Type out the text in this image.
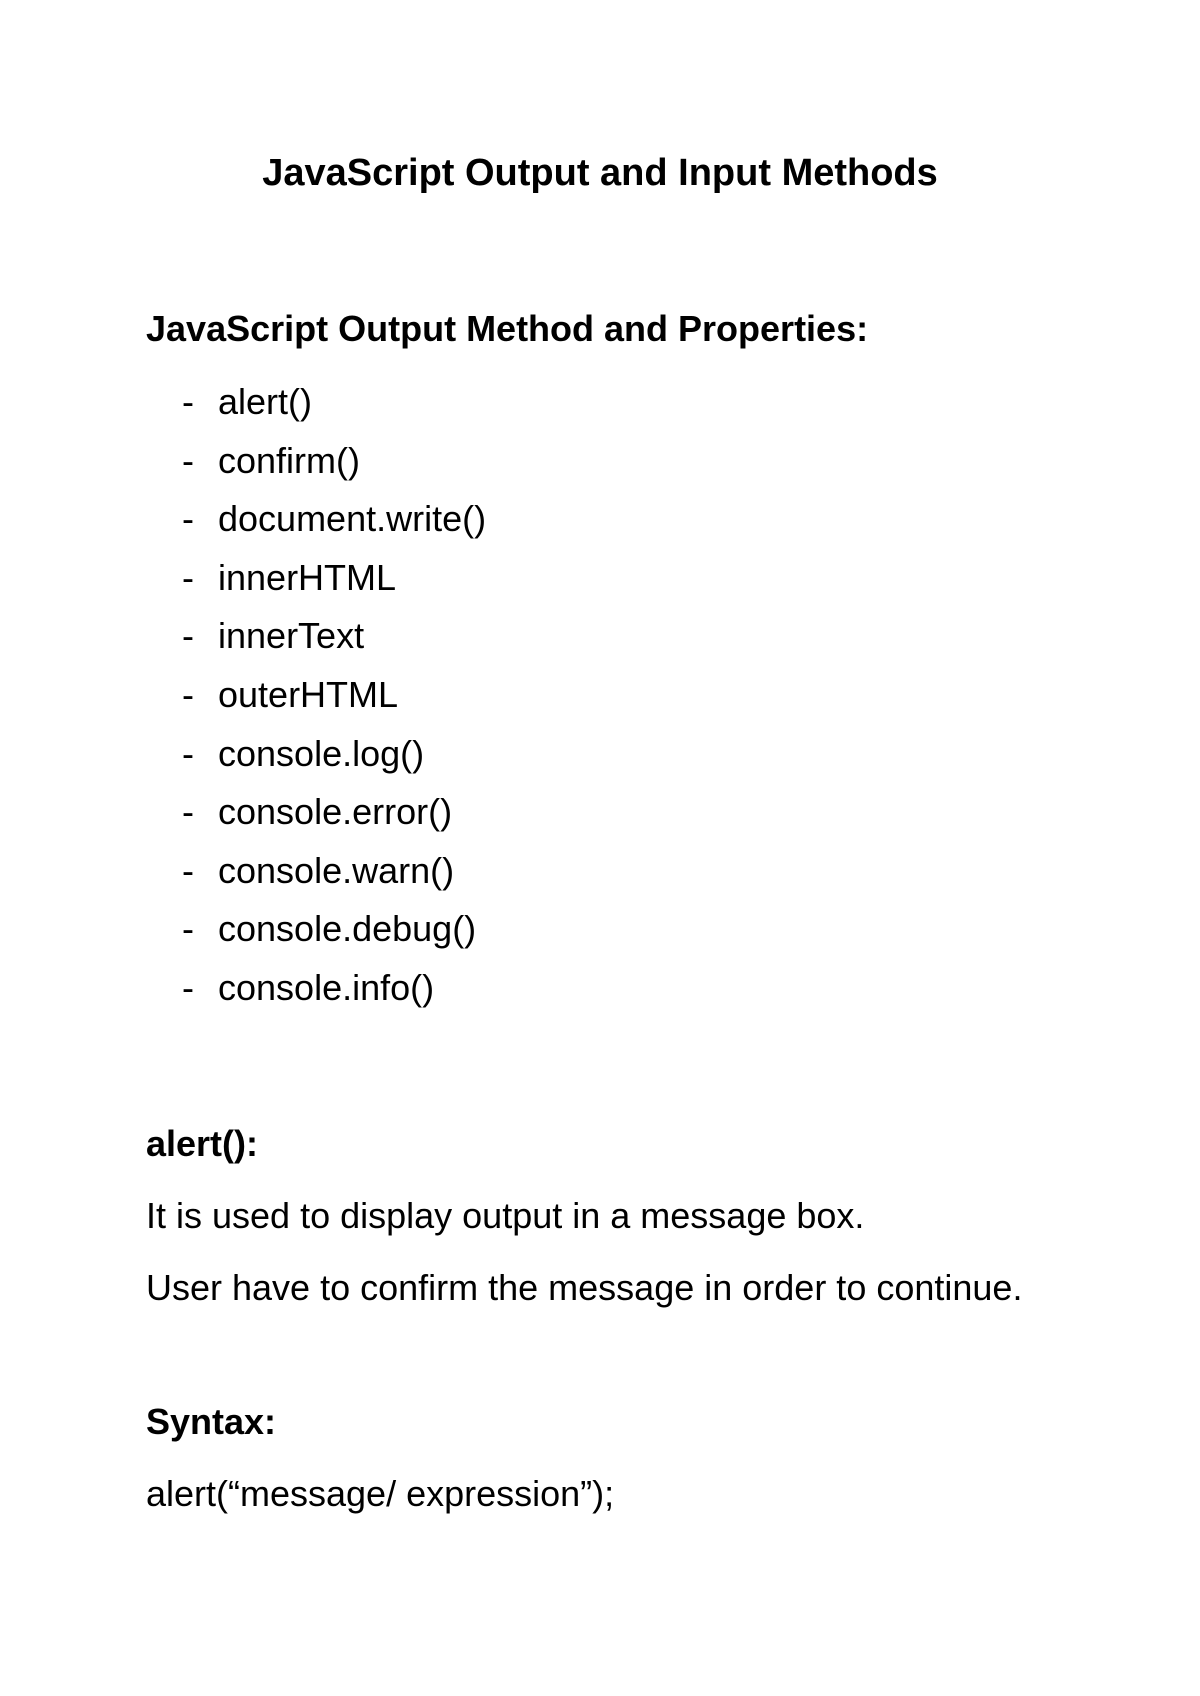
JavaScript Output and Input Methods
JavaScript Output Method and Properties:
- alert()
- confirm()
- document.write()
- innerHTML
- innerText
- outerHTML
- console.log()
- console.error()
- console.warn()
- console.debug()
- console.info()
alert():

It is used to display output in a message box.

User have to confirm the message in order to continue.

Syntax:

alert(“message/ expression”);
